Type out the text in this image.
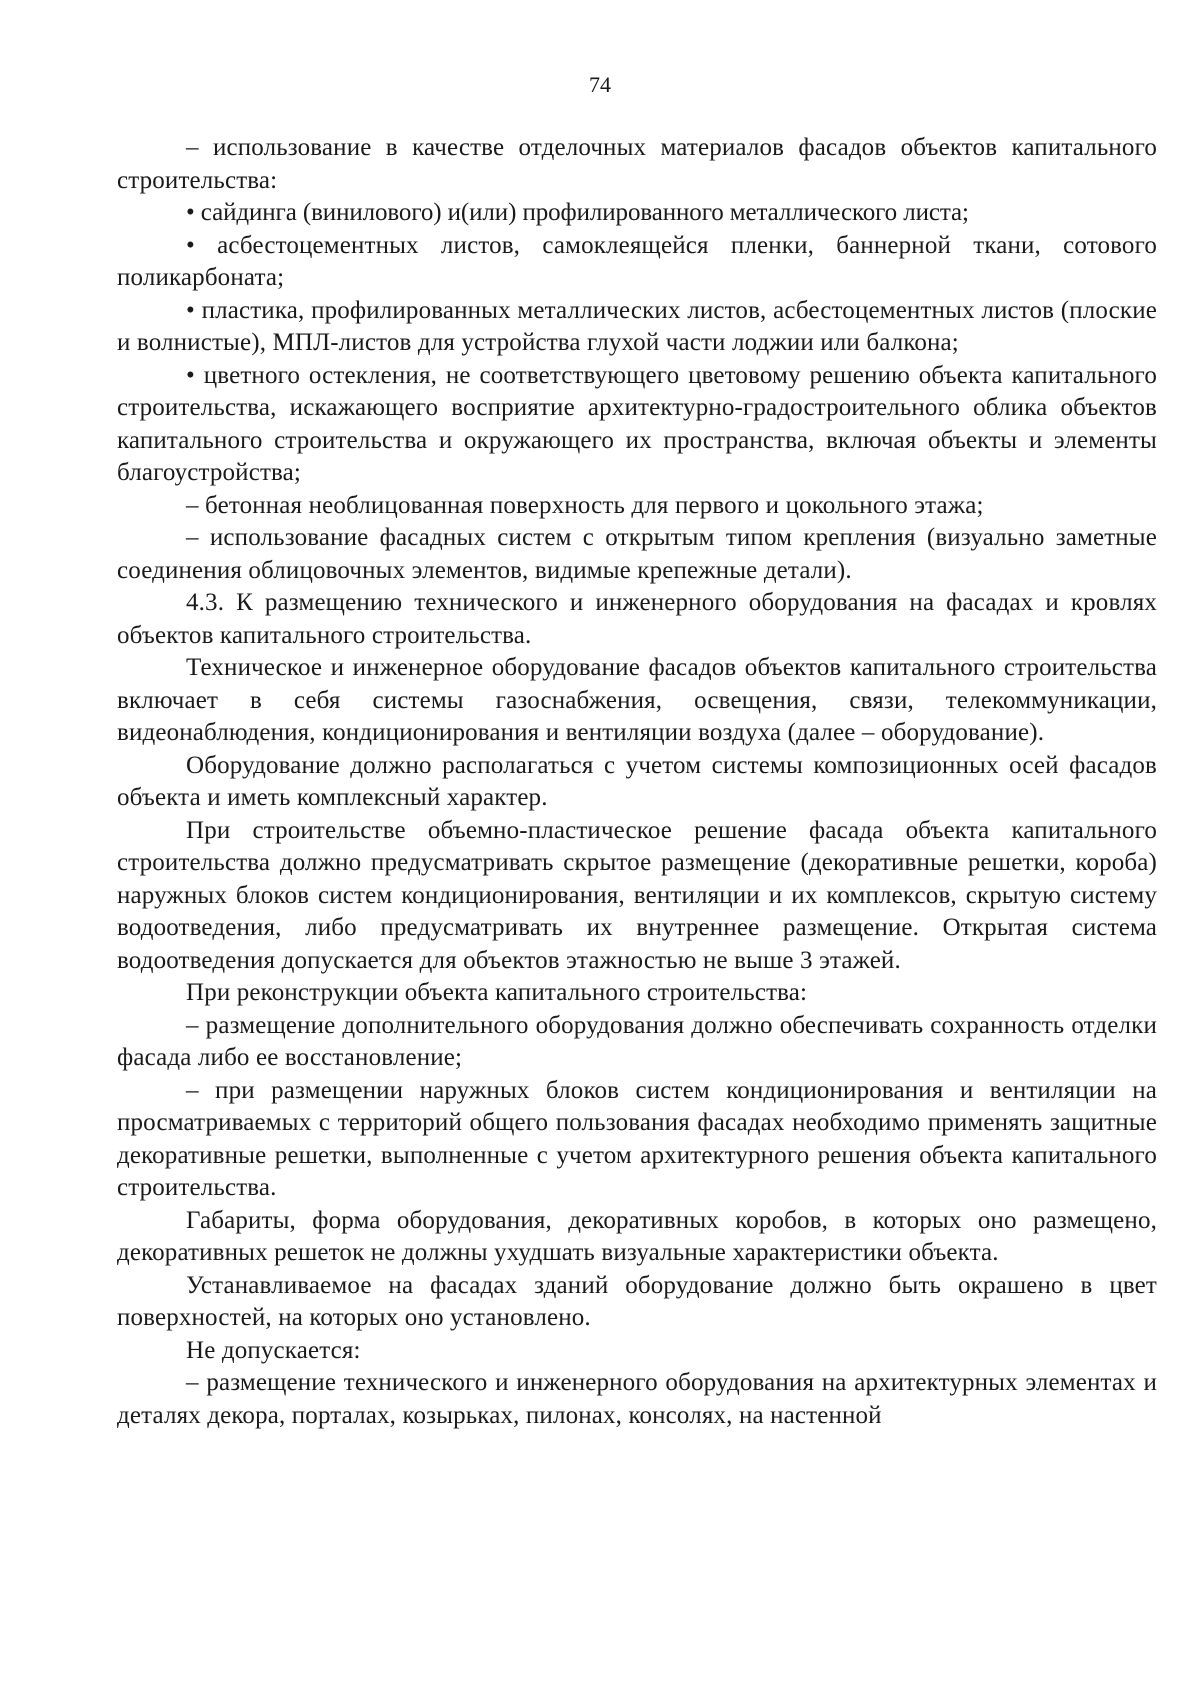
74

– использование в качестве отделочных материалов фасадов объектов капитального строительства:

• сайдинга (винилового) и(или) профилированного металлического листа;

• асбестоцементных листов, самоклеящейся пленки, баннерной ткани, сотового поликарбоната;

• пластика, профилированных металлических листов, асбестоцементных листов (плоские и волнистые), МПЛ-листов для устройства глухой части лоджии или балкона;

• цветного остекления, не соответствующего цветовому решению объекта капитального строительства, искажающего восприятие архитектурно-градостроительного облика объектов капитального строительства и окружающего их пространства, включая объекты и элементы благоустройства;

– бетонная необлицованная поверхность для первого и цокольного этажа;

– использование фасадных систем с открытым типом крепления (визуально заметные соединения облицовочных элементов, видимые крепежные детали).

4.3. К размещению технического и инженерного оборудования на фасадах и кровлях объектов капитального строительства.

Техническое и инженерное оборудование фасадов объектов капитального строительства включает в себя системы газоснабжения, освещения, связи, телекоммуникации, видеонаблюдения, кондиционирования и вентиляции воздуха (далее – оборудование).

Оборудование должно располагаться с учетом системы композиционных осей фасадов объекта и иметь комплексный характер.

При строительстве объемно-пластическое решение фасада объекта капитального строительства должно предусматривать скрытое размещение (декоративные решетки, короба) наружных блоков систем кондиционирования, вентиляции и их комплексов, скрытую систему водоотведения, либо предусматривать их внутреннее размещение. Открытая система водоотведения допускается для объектов этажностью не выше 3 этажей.

При реконструкции объекта капитального строительства:

– размещение дополнительного оборудования должно обеспечивать сохранность отделки фасада либо ее восстановление;

– при размещении наружных блоков систем кондиционирования и вентиляции на просматриваемых с территорий общего пользования фасадах необходимо применять защитные декоративные решетки, выполненные с учетом архитектурного решения объекта капитального строительства.

Габариты, форма оборудования, декоративных коробов, в которых оно размещено, декоративных решеток не должны ухудшать визуальные характеристики объекта.

Устанавливаемое на фасадах зданий оборудование должно быть окрашено в цвет поверхностей, на которых оно установлено.

Не допускается:

– размещение технического и инженерного оборудования на архитектурных элементах и деталях декора, порталах, козырьках, пилонах, консолях, на настенной
